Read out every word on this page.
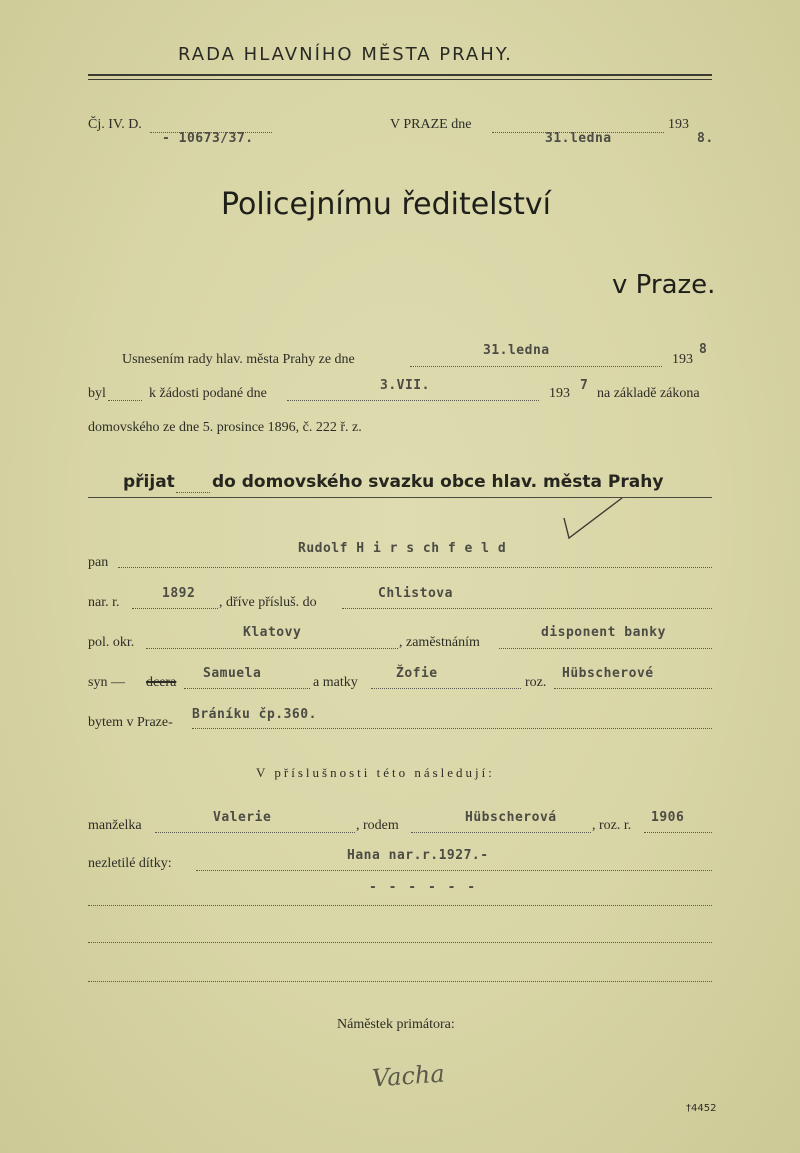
RADA HLAVNÍHO MĚSTA PRAHY.
Čj. IV. D.
- 10673/37.
V PRAZE dne
31.ledna
193
8.
Policejnímu ředitelství
v Praze.
Usnesením rady hlav. města Prahy ze dne
31.ledna
193
8
byl	k žádosti podané dne
3.VII.
193
7
na základě zákona
domovského ze dne 5. prosince 1896, č. 222 ř. z.
přijat do domovského svazku obce hlav. města Prahy
pan
Rudolf H i r s ch f e l d
nar. r.
1892
, dříve přísluš. do
Chlistova
pol. okr.
Klatovy
, zaměstnáním
disponent banky
syn — dcera
Samuela
a matky
Žofie
roz.
Hübscherové
bytem v Praze-
Bráníku čp.360.
V příslušnosti této následují:
manželka
Valerie
, rodem
Hübscherová
, roz. r.
1906
nezletilé dítky:
Hana nar.r.1927.-
- - - - - -
Náměstek primátora:
Vacha
†4452
